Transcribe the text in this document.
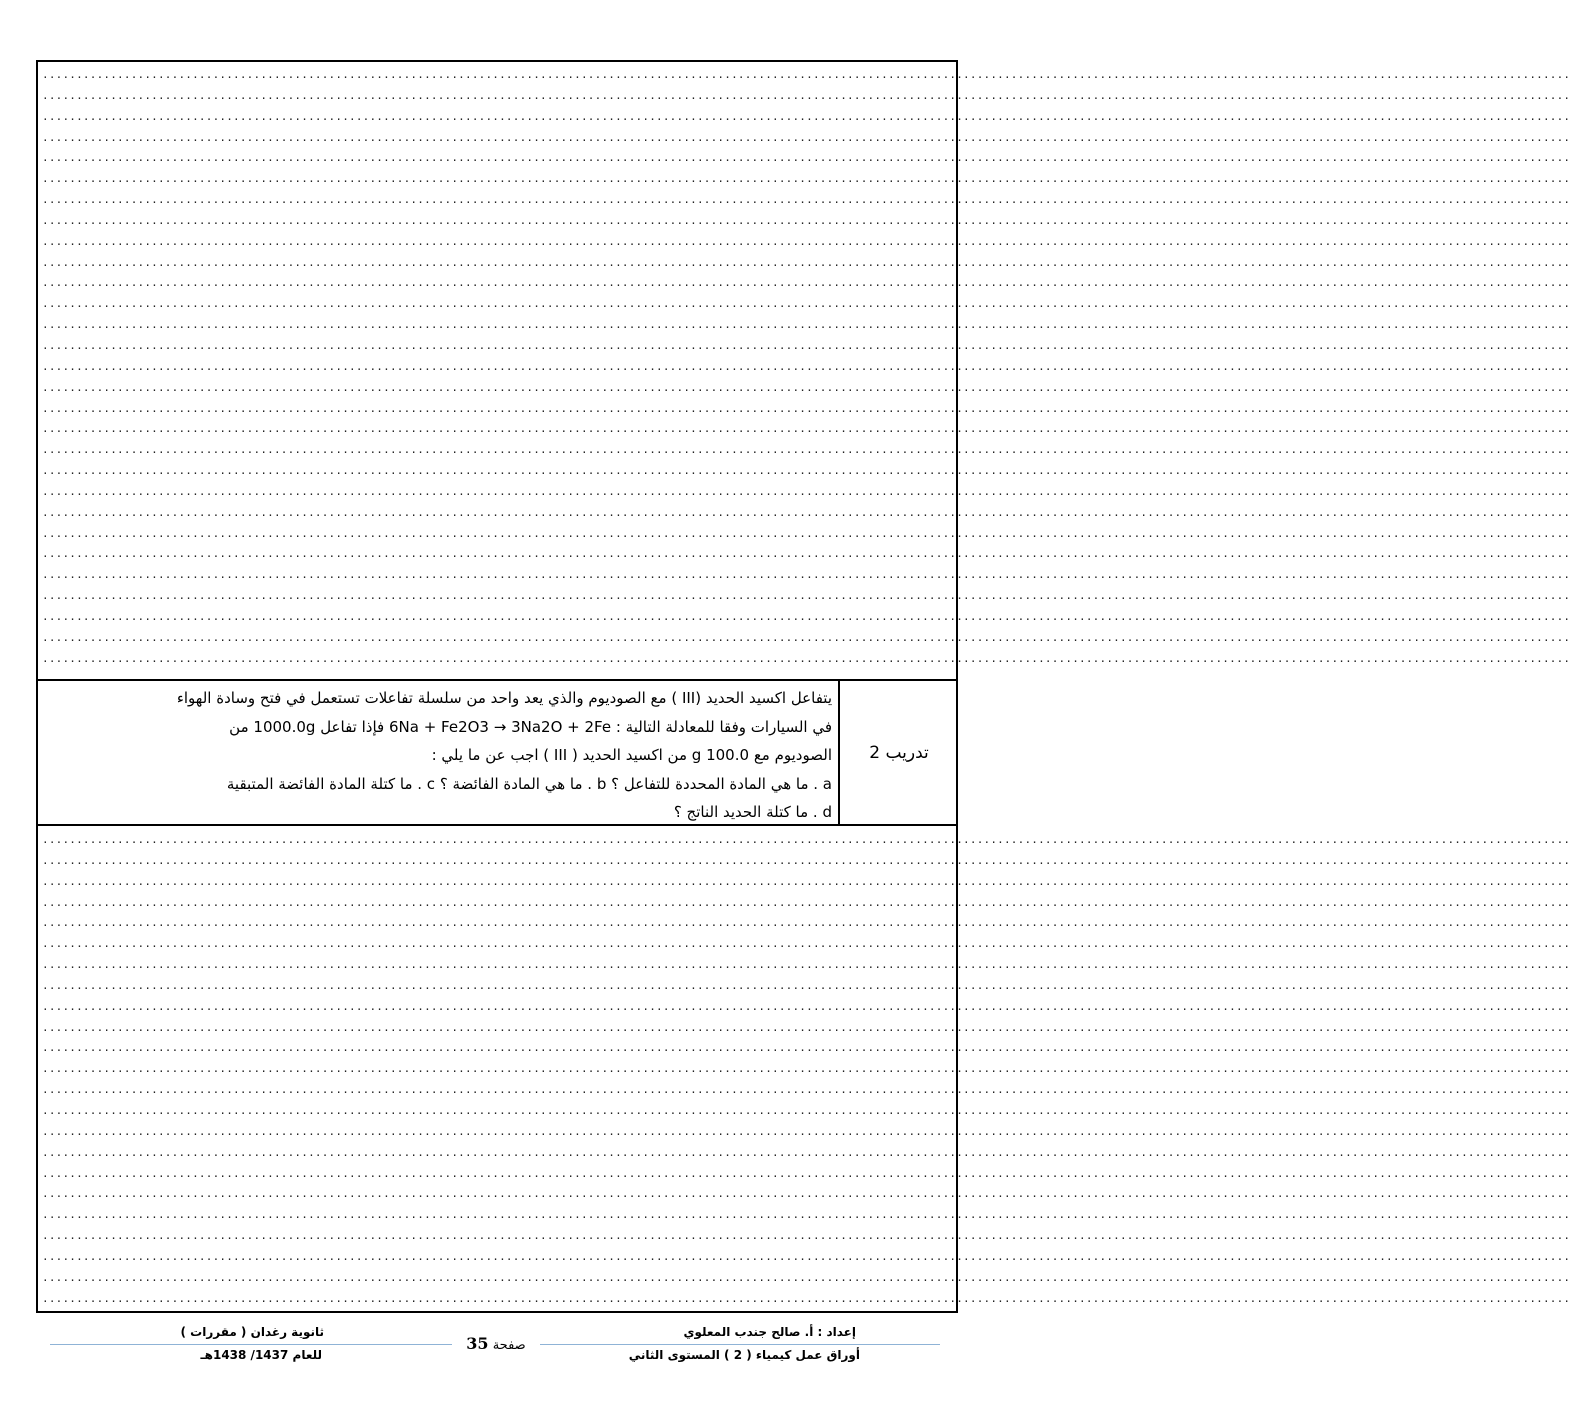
................................................................................................................................................................................................................................
................................................................................................................................................................................................................................
................................................................................................................................................................................................................................
................................................................................................................................................................................................................................
................................................................................................................................................................................................................................
................................................................................................................................................................................................................................
................................................................................................................................................................................................................................
................................................................................................................................................................................................................................
................................................................................................................................................................................................................................
................................................................................................................................................................................................................................
................................................................................................................................................................................................................................
................................................................................................................................................................................................................................
................................................................................................................................................................................................................................
................................................................................................................................................................................................................................
................................................................................................................................................................................................................................
................................................................................................................................................................................................................................
................................................................................................................................................................................................................................
................................................................................................................................................................................................................................
................................................................................................................................................................................................................................
................................................................................................................................................................................................................................
................................................................................................................................................................................................................................
................................................................................................................................................................................................................................
................................................................................................................................................................................................................................
................................................................................................................................................................................................................................
................................................................................................................................................................................................................................
................................................................................................................................................................................................................................
................................................................................................................................................................................................................................
................................................................................................................................................................................................................................
................................................................................................................................................................................................................................
يتفاعل اكسيد الحديد (III ) مع الصوديوم والذي يعد واحد من سلسلة تفاعلات تستعمل في فتح وسادة الهواء
في السيارات وفقا للمعادلة التالية : 6Na + Fe2O3 → 3Na2O + 2Fe فإذا تفاعل 1000.0g من
الصوديوم مع 100.0 g من اكسيد الحديد ( III ) اجب عن ما يلي :
a . ما هي المادة المحددة للتفاعل ؟ b . ما هي المادة الفائضة ؟ c . ما كتلة المادة الفائضة المتبقية
d . ما كتلة الحديد الناتج ؟
تدريب 2
................................................................................................................................................................................................................................
................................................................................................................................................................................................................................
................................................................................................................................................................................................................................
................................................................................................................................................................................................................................
................................................................................................................................................................................................................................
................................................................................................................................................................................................................................
................................................................................................................................................................................................................................
................................................................................................................................................................................................................................
................................................................................................................................................................................................................................
................................................................................................................................................................................................................................
................................................................................................................................................................................................................................
................................................................................................................................................................................................................................
................................................................................................................................................................................................................................
................................................................................................................................................................................................................................
................................................................................................................................................................................................................................
................................................................................................................................................................................................................................
................................................................................................................................................................................................................................
................................................................................................................................................................................................................................
................................................................................................................................................................................................................................
................................................................................................................................................................................................................................
................................................................................................................................................................................................................................
................................................................................................................................................................................................................................
................................................................................................................................................................................................................................
إعداد : أ. صالح جندب المعلوي
أوراق عمل كيمياء ( 2 ) المستوى الثاني
ثانوية رغدان ( مقررات )
للعام 1437/ 1438هـ
صفحة 35
